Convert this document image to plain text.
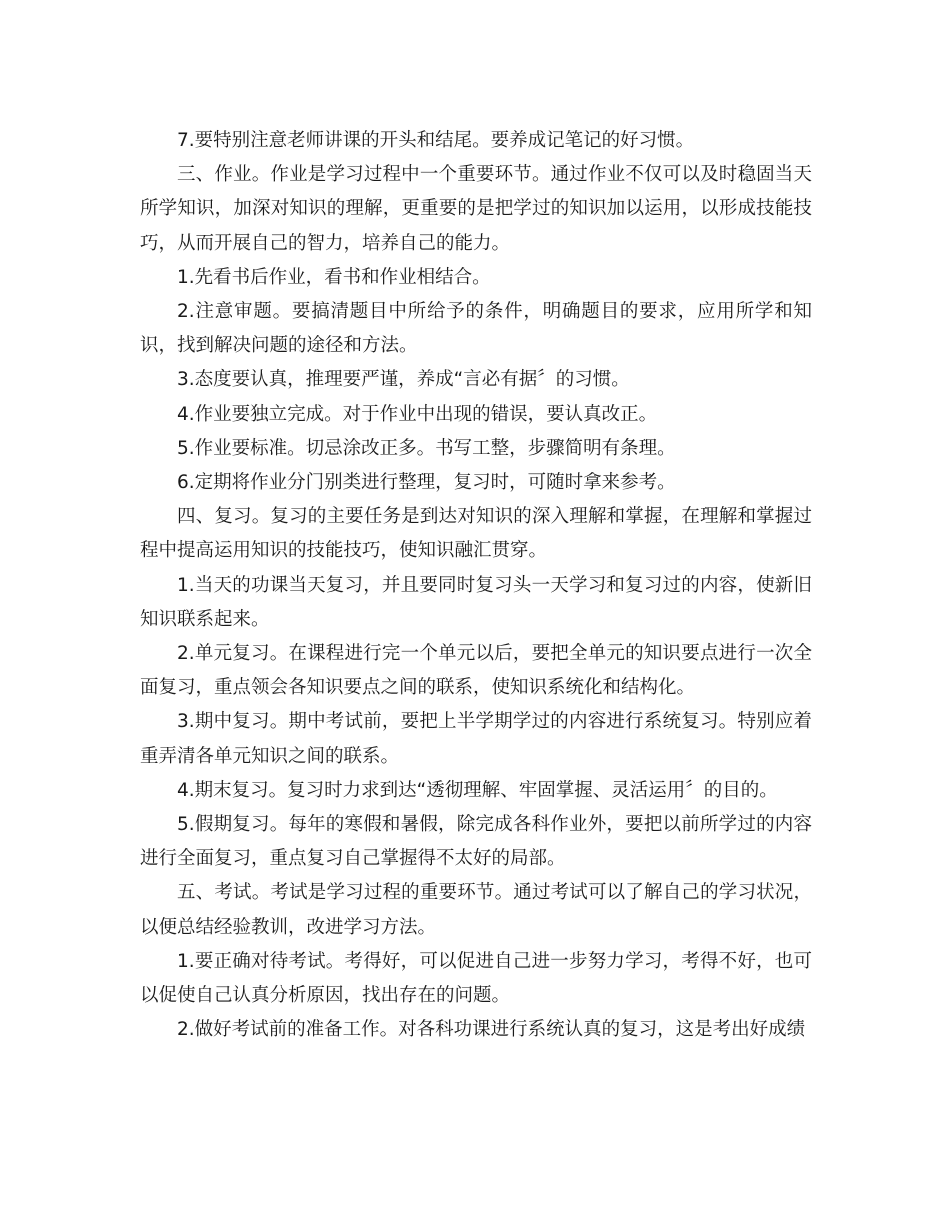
7.要特别注意老师讲课的开头和结尾。要养成记笔记的好习惯。

三、作业。作业是学习过程中一个重要环节。通过作业不仅可以及时稳固当天所学知识，加深对知识的理解，更重要的是把学过的知识加以运用，以形成技能技巧，从而开展自己的智力，培养自己的能力。

1.先看书后作业，看书和作业相结合。

2.注意审题。要搞清题目中所给予的条件，明确题目的要求，应用所学和知识，找到解决问题的途径和方法。

3.态度要认真，推理要严谨，养成“言必有据〞的习惯。

4.作业要独立完成。对于作业中出现的错误，要认真改正。

5.作业要标准。切忌涂改正多。书写工整，步骤简明有条理。

6.定期将作业分门别类进行整理，复习时，可随时拿来参考。

四、复习。复习的主要任务是到达对知识的深入理解和掌握，在理解和掌握过程中提高运用知识的技能技巧，使知识融汇贯穿。

1.当天的功课当天复习，并且要同时复习头一天学习和复习过的内容，使新旧知识联系起来。

2.单元复习。在课程进行完一个单元以后，要把全单元的知识要点进行一次全面复习，重点领会各知识要点之间的联系，使知识系统化和结构化。

3.期中复习。期中考试前，要把上半学期学过的内容进行系统复习。特别应着重弄清各单元知识之间的联系。

4.期末复习。复习时力求到达“透彻理解、牢固掌握、灵活运用〞的目的。

5.假期复习。每年的寒假和暑假，除完成各科作业外，要把以前所学过的内容进行全面复习，重点复习自己掌握得不太好的局部。

五、考试。考试是学习过程的重要环节。通过考试可以了解自己的学习状况，以便总结经验教训，改进学习方法。

1.要正确对待考试。考得好，可以促进自己进一步努力学习，考得不好，也可以促使自己认真分析原因，找出存在的问题。

2.做好考试前的准备工作。对各科功课进行系统认真的复习，这是考出好成绩
